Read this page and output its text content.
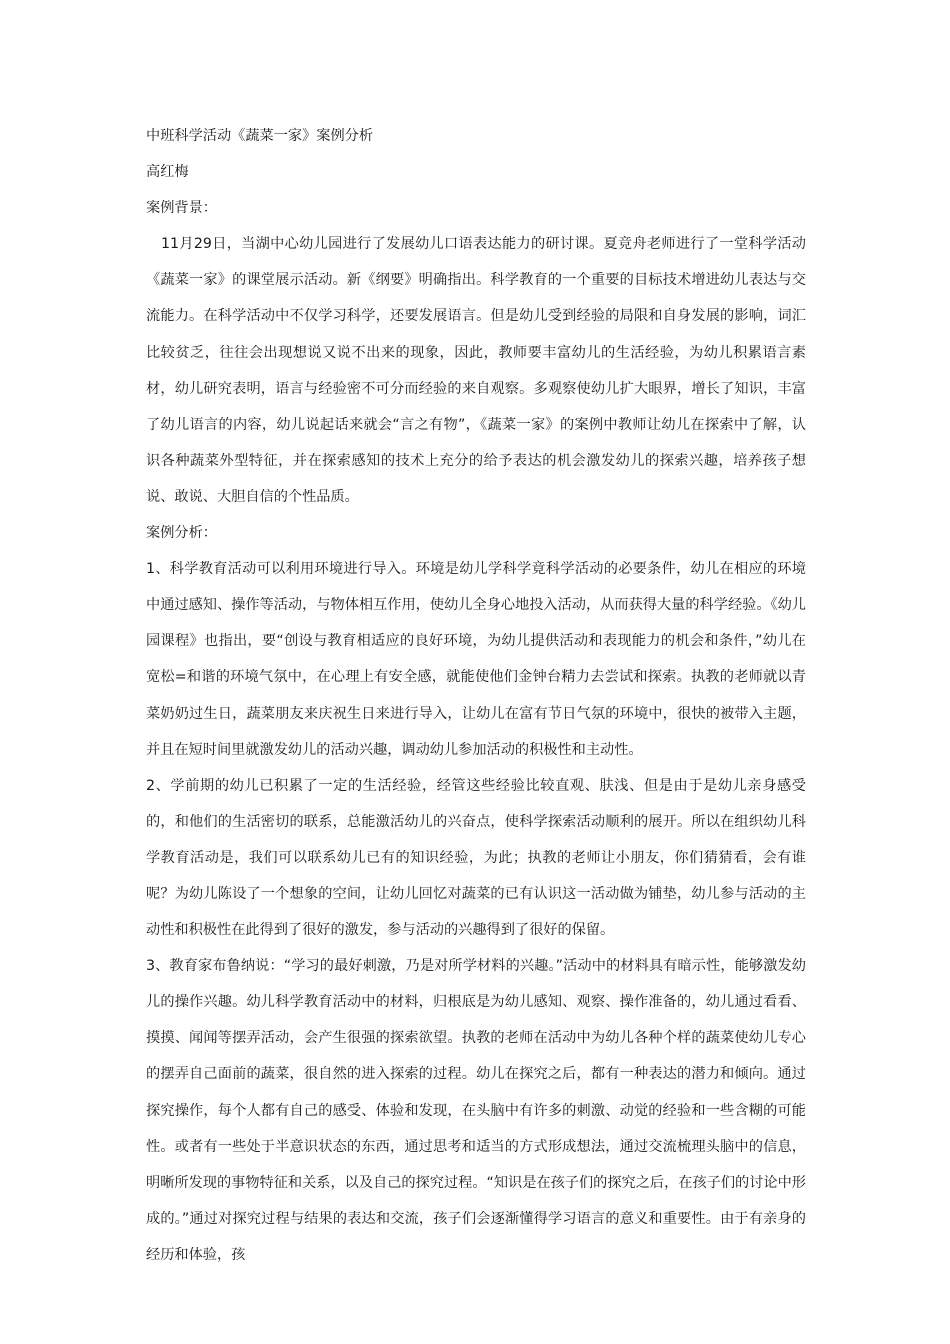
中班科学活动《蔬菜一家》案例分析

高红梅

案例背景：

11月29日，当湖中心幼儿园进行了发展幼儿口语表达能力的研讨课。夏竞舟老师进行了一堂科学活动《蔬菜一家》的课堂展示活动。新《纲要》明确指出。科学教育的一个重要的目标技术增进幼儿表达与交流能力。在科学活动中不仅学习科学，还要发展语言。但是幼儿受到经验的局限和自身发展的影响，词汇比较贫乏，往往会出现想说又说不出来的现象，因此，教师要丰富幼儿的生活经验，为幼儿积累语言素材，幼儿研究表明，语言与经验密不可分而经验的来自观察。多观察使幼儿扩大眼界，增长了知识，丰富了幼儿语言的内容，幼儿说起话来就会“言之有物”，《蔬菜一家》的案例中教师让幼儿在探索中了解，认识各种蔬菜外型特征，并在探索感知的技术上充分的给予表达的机会激发幼儿的探索兴趣，培养孩子想说、敢说、大胆自信的个性品质。

案例分析：

1、科学教育活动可以利用环境进行导入。环境是幼儿学科学竟科学活动的必要条件，幼儿在相应的环境中通过感知、操作等活动，与物体相互作用，使幼儿全身心地投入活动，从而获得大量的科学经验。《幼儿园课程》也指出，要“创设与教育相适应的良好环境，为幼儿提供活动和表现能力的机会和条件，”幼儿在宽松=和谐的环境气氛中，在心理上有安全感，就能使他们金钟台精力去尝试和探索。执教的老师就以青菜奶奶过生日，蔬菜朋友来庆祝生日来进行导入，让幼儿在富有节日气氛的环境中，很快的被带入主题，并且在短时间里就激发幼儿的活动兴趣，调动幼儿参加活动的积极性和主动性。

2、学前期的幼儿已积累了一定的生活经验，经管这些经验比较直观、肤浅、但是由于是幼儿亲身感受的，和他们的生活密切的联系，总能激活幼儿的兴奋点，使科学探索活动顺利的展开。所以在组织幼儿科学教育活动是，我们可以联系幼儿已有的知识经验，为此；执教的老师让小朋友，你们猜猜看，会有谁呢？为幼儿陈设了一个想象的空间，让幼儿回忆对蔬菜的已有认识这一活动做为铺垫，幼儿参与活动的主动性和积极性在此得到了很好的激发，参与活动的兴趣得到了很好的保留。

3、教育家布鲁纳说：“学习的最好刺激，乃是对所学材料的兴趣。”活动中的材料具有暗示性，能够激发幼儿的操作兴趣。幼儿科学教育活动中的材料，归根底是为幼儿感知、观察、操作准备的，幼儿通过看看、摸摸、闻闻等摆弄活动，会产生很强的探索欲望。执教的老师在活动中为幼儿各种个样的蔬菜使幼儿专心的摆弄自己面前的蔬菜，很自然的进入探索的过程。幼儿在探究之后，都有一种表达的潜力和倾向。通过探究操作，每个人都有自己的感受、体验和发现，在头脑中有许多的刺激、动觉的经验和一些含糊的可能性。或者有一些处于半意识状态的东西，通过思考和适当的方式形成想法，通过交流梳理头脑中的信息，明晰所发现的事物特征和关系，以及自己的探究过程。“知识是在孩子们的探究之后，在孩子们的讨论中形成的。”通过对探究过程与结果的表达和交流，孩子们会逐渐懂得学习语言的意义和重要性。由于有亲身的经历和体验，孩
